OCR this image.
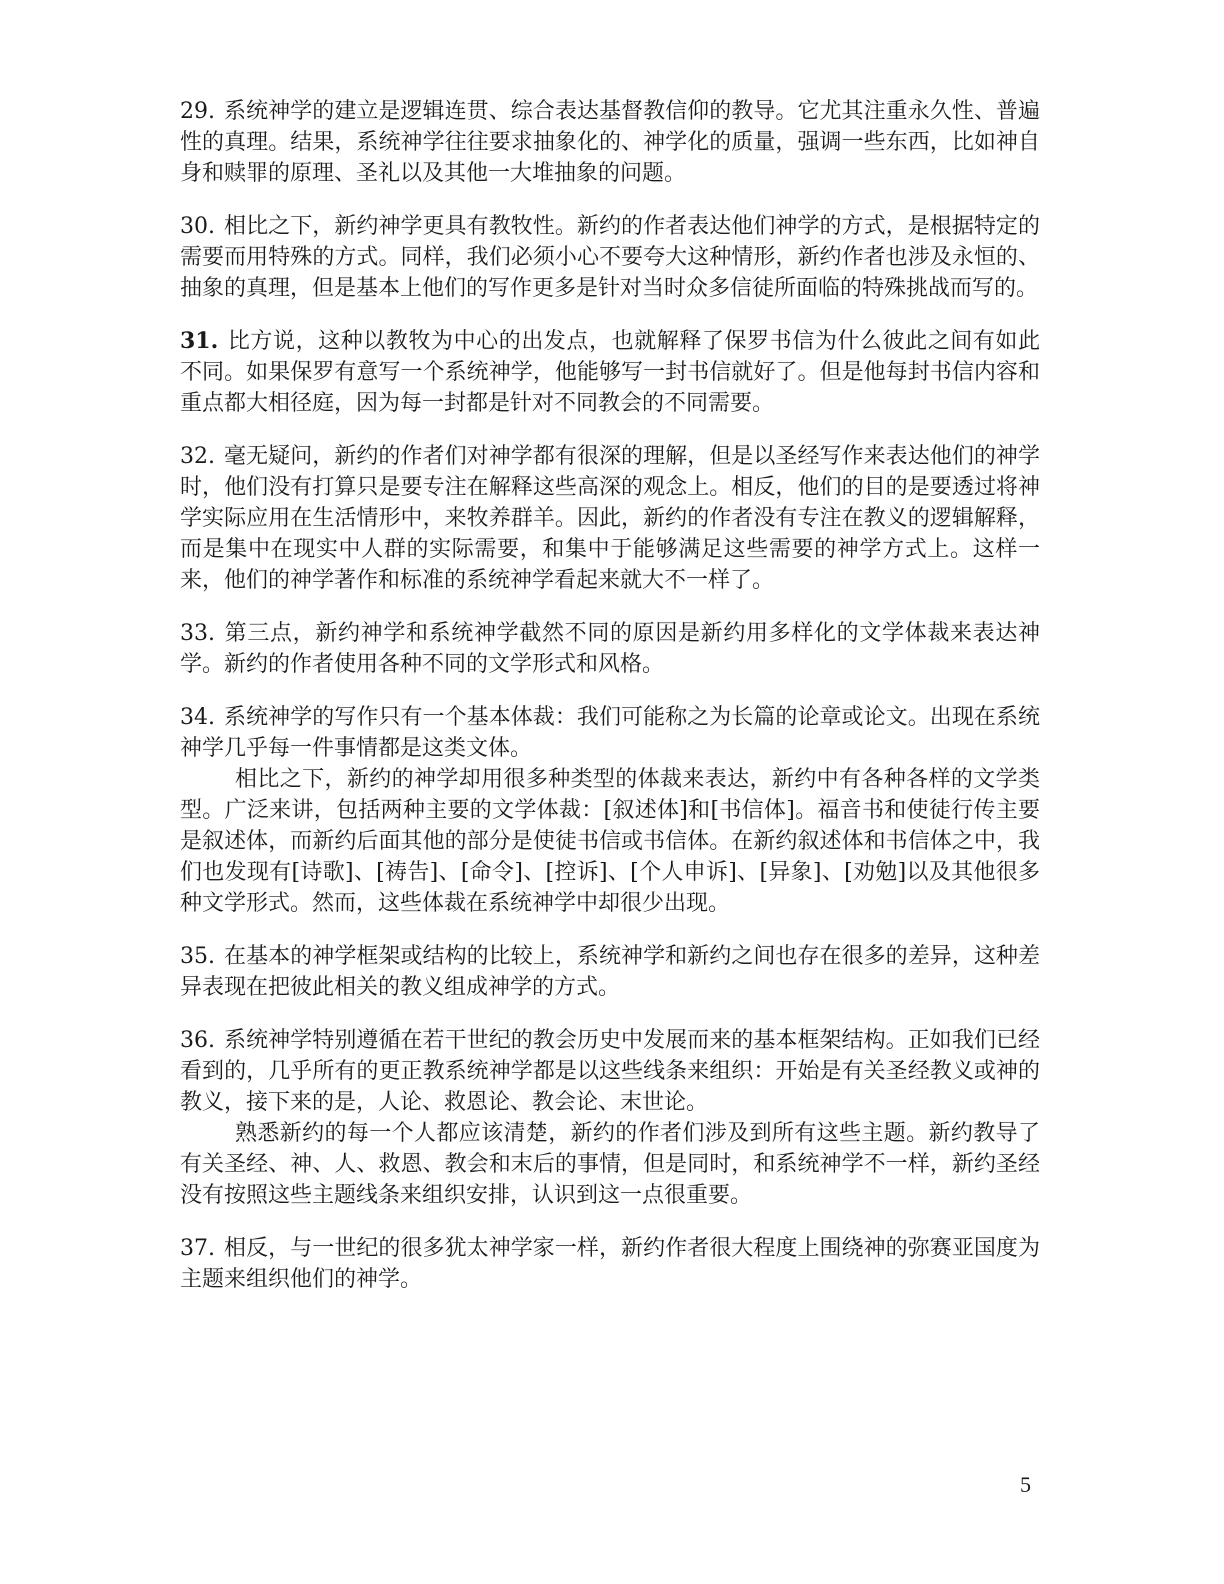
29. 系统神学的建立是逻辑连贯、综合表达基督教信仰的教导。它尤其注重永久性、普遍性的真理。结果，系统神学往往要求抽象化的、神学化的质量，强调一些东西，比如神自身和赎罪的原理、圣礼以及其他一大堆抽象的问题。

30. 相比之下，新约神学更具有教牧性。新约的作者表达他们神学的方式，是根据特定的需要而用特殊的方式。同样，我们必须小心不要夸大这种情形，新约作者也涉及永恒的、抽象的真理，但是基本上他们的写作更多是针对当时众多信徒所面临的特殊挑战而写的。

31. 比方说，这种以教牧为中心的出发点，也就解释了保罗书信为什么彼此之间有如此不同。如果保罗有意写一个系统神学，他能够写一封书信就好了。但是他每封书信内容和重点都大相径庭，因为每一封都是针对不同教会的不同需要。

32. 毫无疑问，新约的作者们对神学都有很深的理解，但是以圣经写作来表达他们的神学时，他们没有打算只是要专注在解释这些高深的观念上。相反，他们的目的是要透过将神学实际应用在生活情形中，来牧养群羊。因此，新约的作者没有专注在教义的逻辑解释，而是集中在现实中人群的实际需要，和集中于能够满足这些需要的神学方式上。这样一来，他们的神学著作和标准的系统神学看起来就大不一样了。

33. 第三点，新约神学和系统神学截然不同的原因是新约用多样化的文学体裁来表达神学。新约的作者使用各种不同的文学形式和风格。

34. 系统神学的写作只有一个基本体裁：我们可能称之为长篇的论章或论文。出现在系统神学几乎每一件事情都是这类文体。
相比之下，新约的神学却用很多种类型的体裁来表达，新约中有各种各样的文学类型。广泛来讲，包括两种主要的文学体裁：[叙述体]和[书信体]。福音书和使徒行传主要是叙述体，而新约后面其他的部分是使徒书信或书信体。在新约叙述体和书信体之中，我们也发现有[诗歌]、[祷告]、[命令]、[控诉]、[个人申诉]、[异象]、[劝勉]以及其他很多种文学形式。然而，这些体裁在系统神学中却很少出现。

35. 在基本的神学框架或结构的比较上，系统神学和新约之间也存在很多的差异，这种差异表现在把彼此相关的教义组成神学的方式。

36. 系统神学特别遵循在若干世纪的教会历史中发展而来的基本框架结构。正如我们已经看到的，几乎所有的更正教系统神学都是以这些线条来组织：开始是有关圣经教义或神的教义，接下来的是，人论、救恩论、教会论、末世论。
熟悉新约的每一个人都应该清楚，新约的作者们涉及到所有这些主题。新约教导了有关圣经、神、人、救恩、教会和末后的事情，但是同时，和系统神学不一样，新约圣经没有按照这些主题线条来组织安排，认识到这一点很重要。

37. 相反，与一世纪的很多犹太神学家一样，新约作者很大程度上围绕神的弥赛亚国度为主题来组织他们的神学。

5
